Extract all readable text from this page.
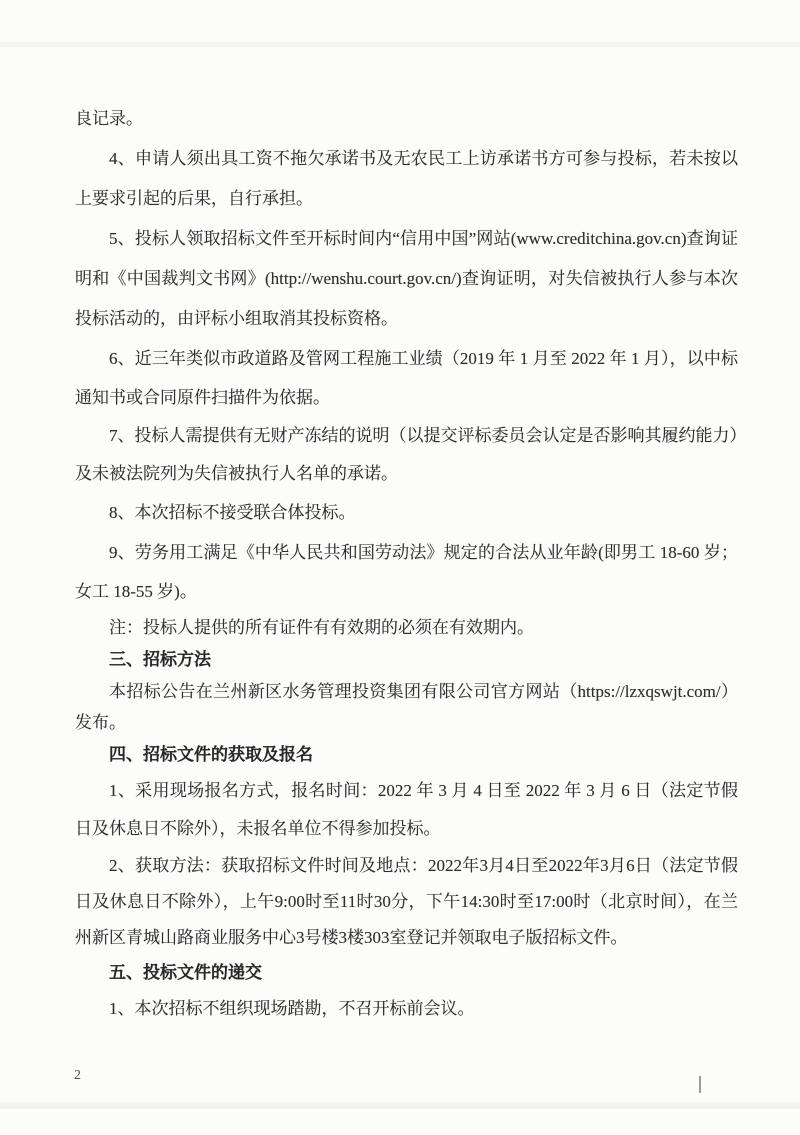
良记录。

4、申请人须出具工资不拖欠承诺书及无农民工上访承诺书方可参与投标，若未按以上要求引起的后果，自行承担。

5、投标人领取招标文件至开标时间内“信用中国”网站(www.creditchina.gov.cn)查询证明和《中国裁判文书网》(http://wenshu.court.gov.cn/)查询证明，对失信被执行人参与本次投标活动的，由评标小组取消其投标资格。

6、近三年类似市政道路及管网工程施工业绩（2019 年 1 月至 2022 年 1 月），以中标通知书或合同原件扫描件为依据。

7、投标人需提供有无财产冻结的说明（以提交评标委员会认定是否影响其履约能力）及未被法院列为失信被执行人名单的承诺。

8、本次招标不接受联合体投标。

9、劳务用工满足《中华人民共和国劳动法》规定的合法从业年龄(即男工 18-60 岁；女工 18-55 岁)。

注：投标人提供的所有证件有有效期的必须在有效期内。

三、招标方法

本招标公告在兰州新区水务管理投资集团有限公司官方网站（https://lzxqswjt.com/）发布。

四、招标文件的获取及报名

1、采用现场报名方式，报名时间：2022 年 3 月 4 日至 2022 年 3 月 6 日（法定节假日及休息日不除外），未报名单位不得参加投标。

2、获取方法：获取招标文件时间及地点：2022年3月4日至2022年3月6日（法定节假日及休息日不除外），上午9:00时至11时30分，下午14:30时至17:00时（北京时间），在兰州新区青城山路商业服务中心3号楼3楼303室登记并领取电子版招标文件。

五、投标文件的递交

1、本次招标不组织现场踏勘，不召开标前会议。

2
